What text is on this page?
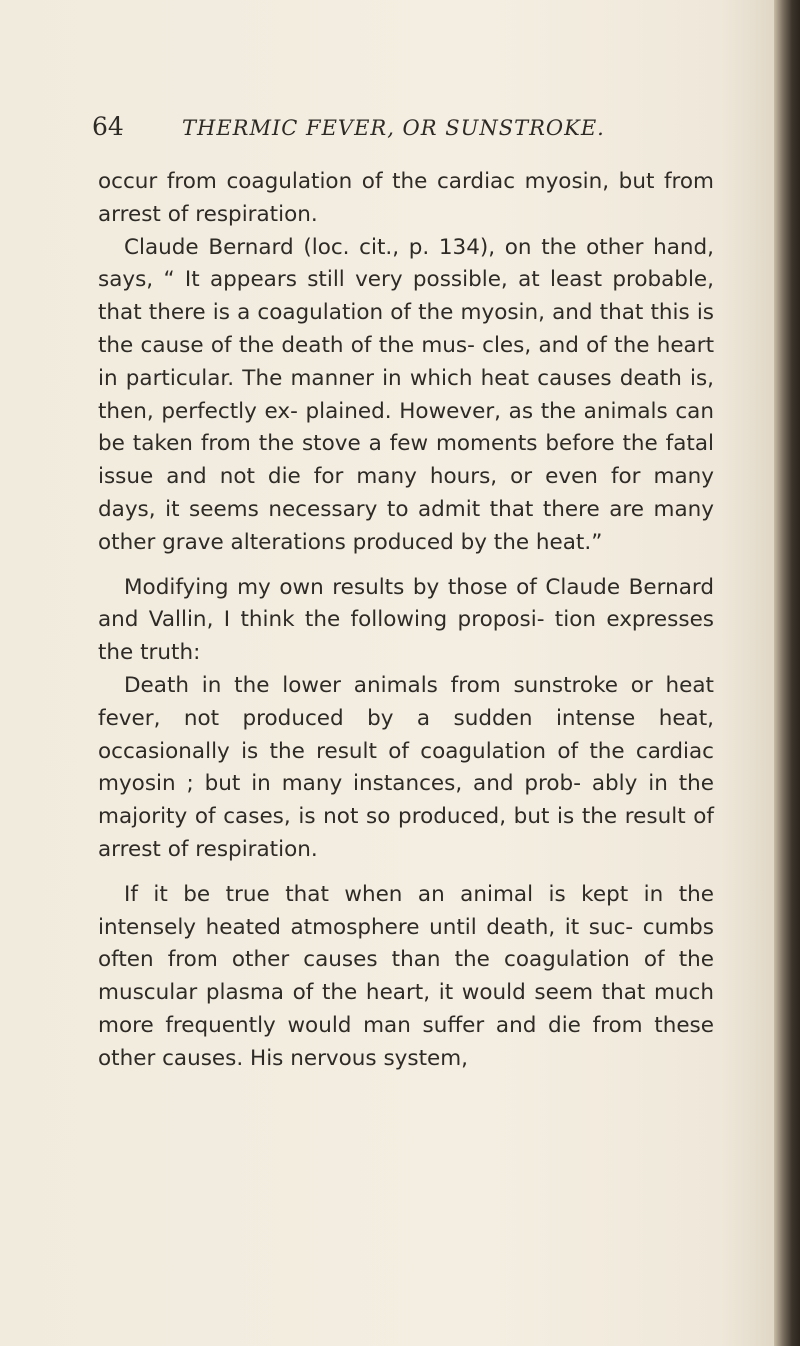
64	THERMIC FEVER, OR SUNSTROKE.

occur from coagulation of the cardiac myosin, but from arrest of respiration.

Claude Bernard (loc. cit., p. 134), on the other hand, says, “ It appears still very possible, at least probable, that there is a coagulation of the myosin, and that this is the cause of the death of the mus- cles, and of the heart in particular. The manner in which heat causes death is, then, perfectly ex- plained. However, as the animals can be taken from the stove a few moments before the fatal issue and not die for many hours, or even for many days, it seems necessary to admit that there are many other grave alterations produced by the heat.”

Modifying my own results by those of Claude Bernard and Vallin, I think the following proposi- tion expresses the truth:

Death in the lower animals from sunstroke or heat fever, not produced by a sudden intense heat, occasionally is the result of coagulation of the cardiac myosin ; but in many instances, and prob- ably in the majority of cases, is not so produced, but is the result of arrest of respiration.

If it be true that when an animal is kept in the intensely heated atmosphere until death, it suc- cumbs often from other causes than the coagulation of the muscular plasma of the heart, it would seem that much more frequently would man suffer and die from these other causes. His nervous system,
